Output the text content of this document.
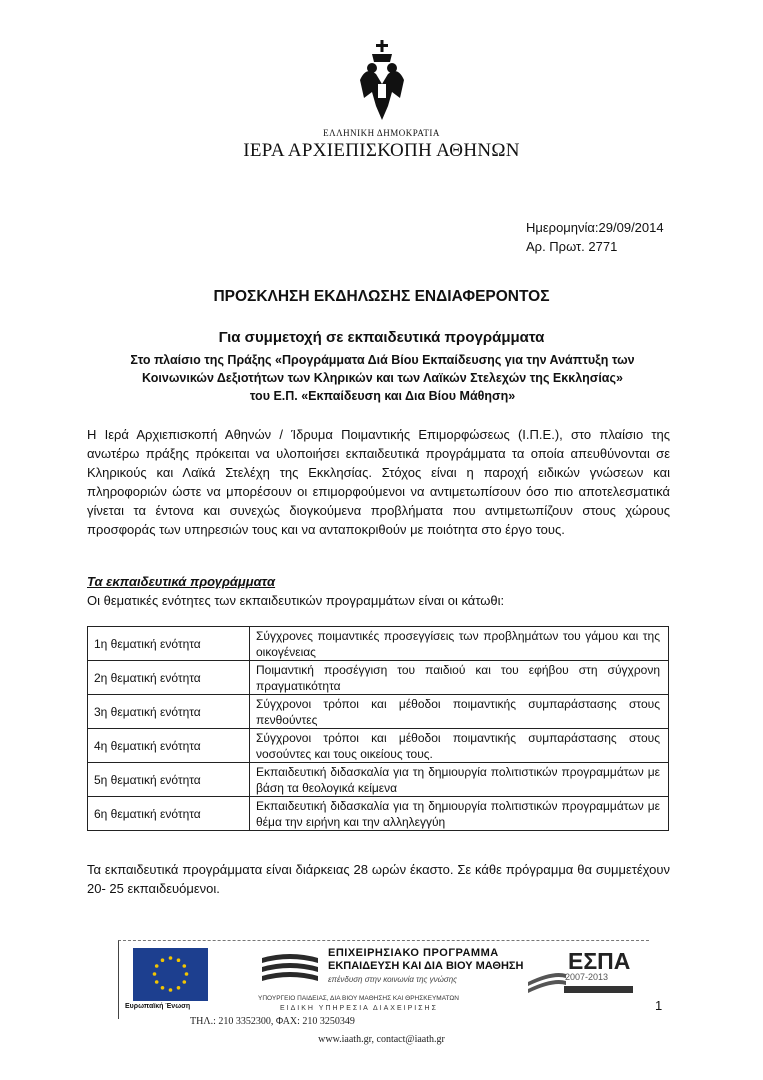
ΕΛΛΗΝΙΚΗ ΔΗΜΟΚΡΑΤΙΑ
ΙΕΡΑ ΑΡΧΙΕΠΙΣΚΟΠΗ ΑΘΗΝΩΝ
Ημερομηνία:29/09/2014
Αρ. Πρωτ. 2771
ΠΡΟΣΚΛΗΣΗ ΕΚΔΗΛΩΣΗΣ ΕΝΔΙΑΦΕΡΟΝΤΟΣ
Για συμμετοχή σε εκπαιδευτικά προγράμματα
Στο πλαίσιο της Πράξης «Προγράμματα Διά Βίου Εκπαίδευσης για την Ανάπτυξη των
Κοινωνικών Δεξιοτήτων των Κληρικών και των Λαϊκών Στελεχών της Εκκλησίας»
του Ε.Π. «Εκπαίδευση και Δια Βίου Μάθηση»
Η Ιερά Αρχιεπισκοπή Αθηνών / Ίδρυμα Ποιμαντικής Επιμορφώσεως (Ι.Π.Ε.), στο πλαίσιο της ανωτέρω πράξης πρόκειται να υλοποιήσει εκπαιδευτικά προγράμματα τα οποία απευθύνονται σε Κληρικούς και Λαϊκά Στελέχη της Εκκλησίας. Στόχος είναι η παροχή ειδικών γνώσεων και πληροφοριών ώστε να μπορέσουν οι επιμορφούμενοι να αντιμετωπίσουν όσο πιο αποτελεσματικά γίνεται τα έντονα και συνεχώς διογκούμενα προβλήματα που αντιμετωπίζουν στους χώρους προσφοράς των υπηρεσιών τους και να ανταποκριθούν με ποιότητα στο έργο τους.
Τα εκπαιδευτικά προγράμματα
Οι θεματικές ενότητες των εκπαιδευτικών προγραμμάτων είναι οι κάτωθι:
1η θεματική ενότητα	Σύγχρονες ποιμαντικές προσεγγίσεις των προβλημάτων του γάμου και της οικογένειας
2η θεματική ενότητα	Ποιμαντική προσέγγιση του παιδιού και του εφήβου στη σύγχρονη πραγματικότητα
3η θεματική ενότητα	Σύγχρονοι τρόποι και μέθοδοι ποιμαντικής συμπαράστασης στους πενθούντες
4η θεματική ενότητα	Σύγχρονοι τρόποι και μέθοδοι ποιμαντικής συμπαράστασης στους νοσούντες και τους οικείους τους.
5η θεματική ενότητα	Εκπαιδευτική διδασκαλία για τη δημιουργία πολιτιστικών προγραμμάτων με βάση τα θεολογικά κείμενα
6η θεματική ενότητα	Εκπαιδευτική διδασκαλία για τη δημιουργία πολιτιστικών προγραμμάτων με θέμα την ειρήνη και την αλληλεγγύη
Τα εκπαιδευτικά προγράμματα είναι διάρκειας 28 ωρών έκαστο. Σε κάθε πρόγραμμα θα συμμετέχουν 20- 25 εκπαιδευόμενοι.
Ευρωπαϊκή Ένωση
ΕΠΙΧΕΙΡΗΣΙΑΚΟ ΠΡΟΓΡΑΜΜΑ
ΕΚΠΑΙΔΕΥΣΗ ΚΑΙ ΔΙΑ ΒΙΟΥ ΜΑΘΗΣΗ
επένδυση στην κοινωνία της γνώσης
ΥΠΟΥΡΓΕΙΟ ΠΑΙΔΕΙΑΣ, ΔΙΑ ΒΙΟΥ ΜΑΘΗΣΗΣ ΚΑΙ ΘΡΗΣΚΕΥΜΑΤΩΝ
ΕΙΔΙΚΗ ΥΠΗΡΕΣΙΑ ΔΙΑΧΕΙΡΙΣΗΣ
ΕΣΠΑ
2007-2013
ΤΗΛ.: 210 3352300, ΦΑΧ: 210 3250349
www.iaath.gr, contact@iaath.gr
1
